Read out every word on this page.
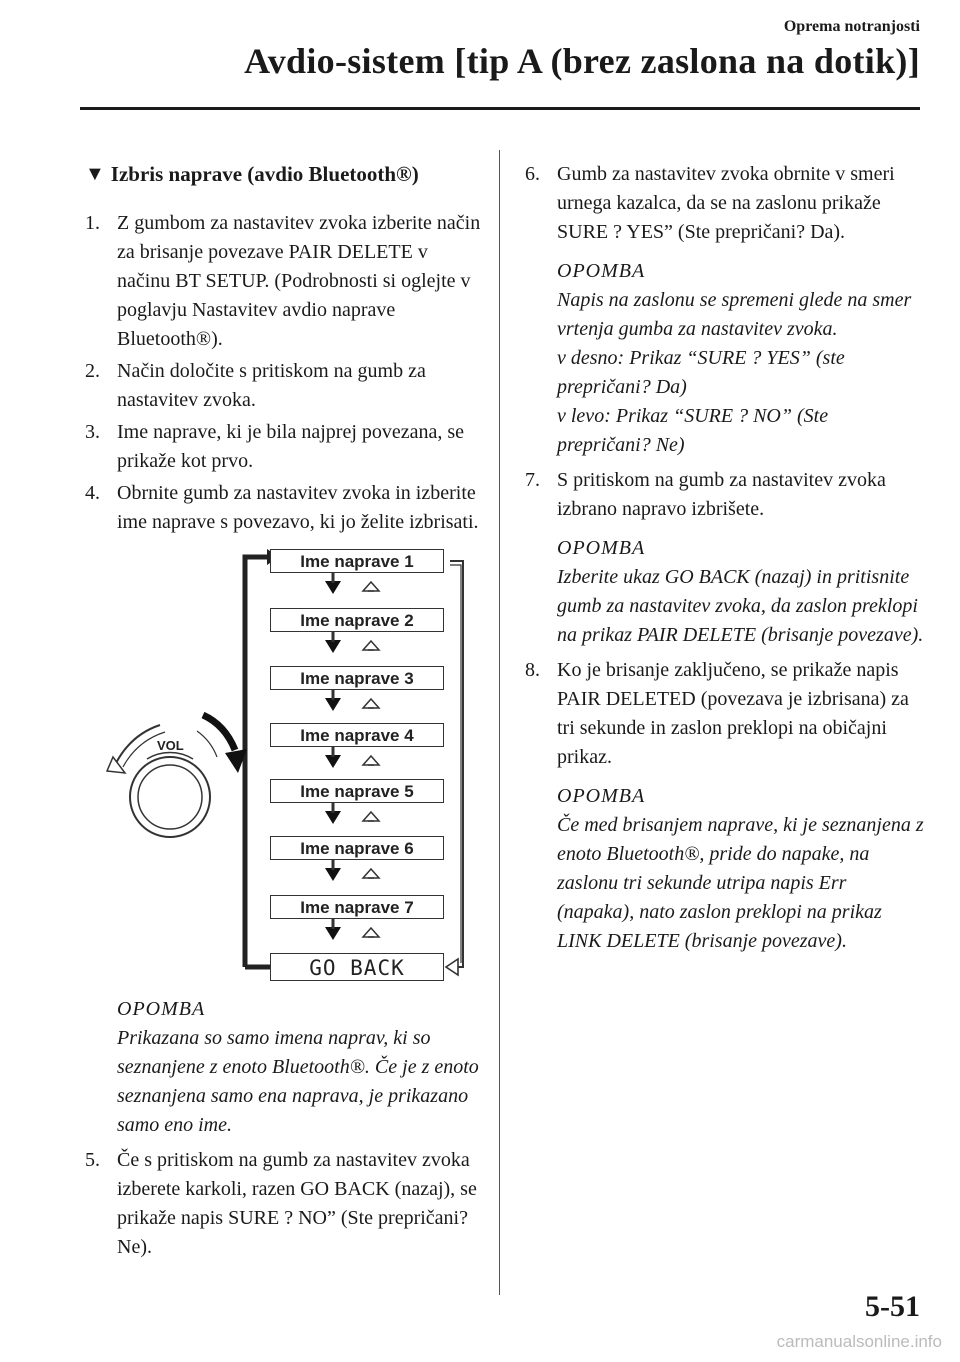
Oprema notranjosti
Avdio-sistem [tip A (brez zaslona na dotik)]
▼ Izbris naprave (avdio Bluetooth®)
1. Z gumbom za nastavitev zvoka izberite način za brisanje povezave PAIR DELETE v načinu BT SETUP. (Podrobnosti si oglejte v poglavju Nastavitev avdio naprave Bluetooth®).
2. Način določite s pritiskom na gumb za nastavitev zvoka.
3. Ime naprave, ki je bila najprej povezana, se prikaže kot prvo.
4. Obrnite gumb za nastavitev zvoka in izberite ime naprave s povezavo, ki jo želite izbrisati.
VOL
Ime naprave 1
Ime naprave 2
Ime naprave 3
Ime naprave 4
Ime naprave 5
Ime naprave 6
Ime naprave 7
GO BACK
OPOMBA
Prikazana so samo imena naprav, ki so seznanjene z enoto Bluetooth®. Če je z enoto seznanjena samo ena naprava, je prikazano samo eno ime.
5. Če s pritiskom na gumb za nastavitev zvoka izberete karkoli, razen GO BACK (nazaj), se prikaže napis SURE ? NO” (Ste prepričani? Ne).
6. Gumb za nastavitev zvoka obrnite v smeri urnega kazalca, da se na zaslonu prikaže SURE ? YES” (Ste prepričani? Da).
OPOMBA
Napis na zaslonu se spremeni glede na smer vrtenja gumba za nastavitev zvoka.
v desno: Prikaz “SURE ? YES” (ste prepričani? Da)
v levo: Prikaz “SURE ? NO” (Ste prepričani? Ne)
7. S pritiskom na gumb za nastavitev zvoka izbrano napravo izbrišete.
OPOMBA
Izberite ukaz GO BACK (nazaj) in pritisnite gumb za nastavitev zvoka, da zaslon preklopi na prikaz PAIR DELETE (brisanje povezave).
8. Ko je brisanje zaključeno, se prikaže napis PAIR DELETED (povezava je izbrisana) za tri sekunde in zaslon preklopi na običajni prikaz.
OPOMBA
Če med brisanjem naprave, ki je seznanjena z enoto Bluetooth®, pride do napake, na zaslonu tri sekunde utripa napis Err (napaka), nato zaslon preklopi na prikaz LINK DELETE (brisanje povezave).
5-51
carmanualsonline.info
